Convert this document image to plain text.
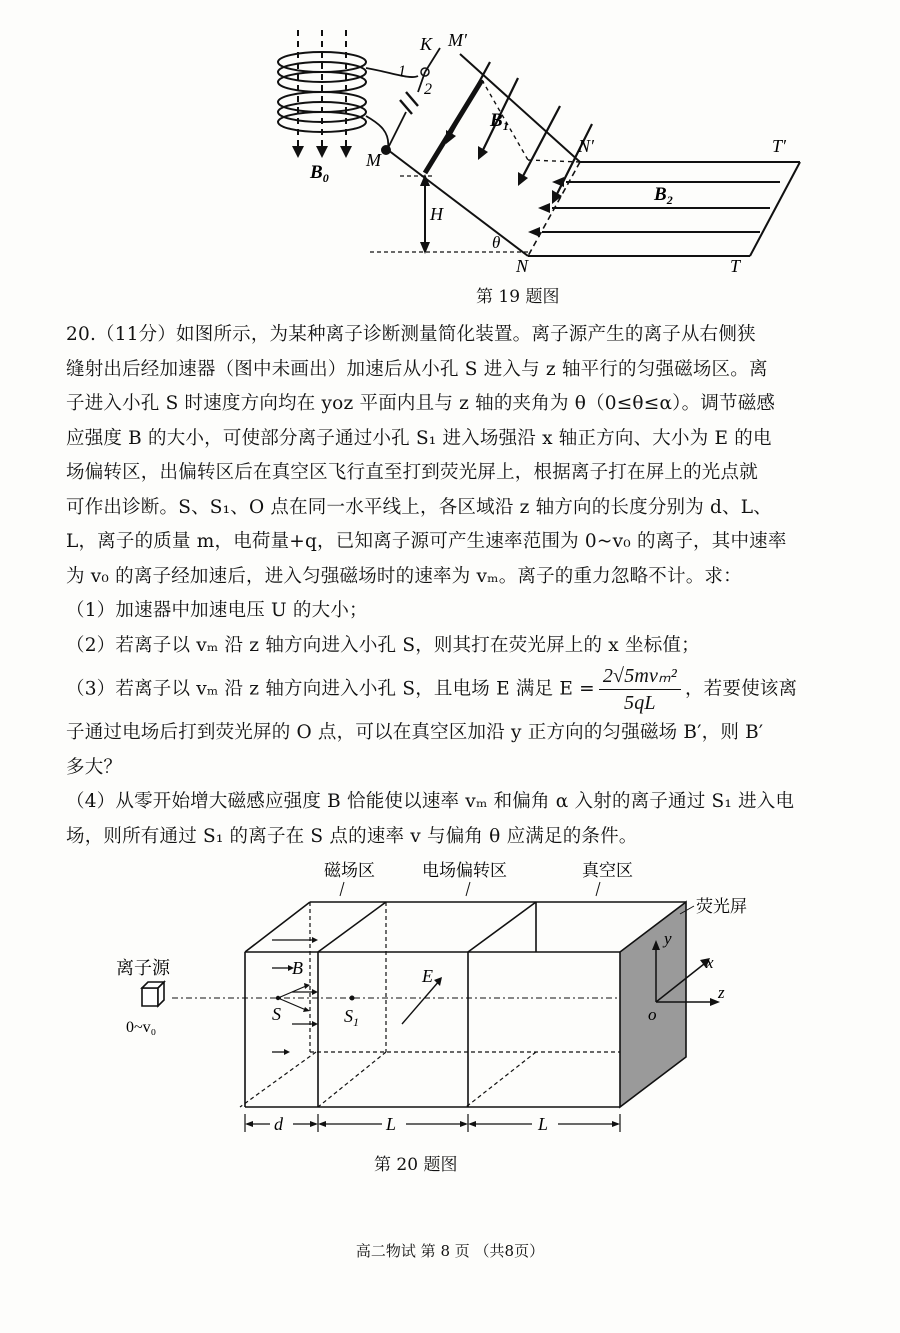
$B_0$
K M′
1
2
M
$B_1$
N′
H
θ
N
$B_2$
T′
T
第 19 题图

20.（11分）如图所示，为某种离子诊断测量简化装置。离子源产生的离子从右侧狭

缝射出后经加速器（图中未画出）加速后从小孔 S 进入与 z 轴平行的匀强磁场区。离

子进入小孔 S 时速度方向均在 yoz 平面内且与 z 轴的夹角为 θ（0≤θ≤α）。调节磁感

应强度 B 的大小，可使部分离子通过小孔 S₁ 进入场强沿 x 轴正方向、大小为 E 的电

场偏转区，出偏转区后在真空区飞行直至打到荧光屏上，根据离子打在屏上的光点就

可作出诊断。S、S₁、O 点在同一水平线上，各区域沿 z 轴方向的长度分别为 d、L、

L，离子的质量 m，电荷量+q，已知离子源可产生速率范围为 0~v₀ 的离子，其中速率

为 v₀ 的离子经加速后，进入匀强磁场时的速率为 vₘ。离子的重力忽略不计。求：

（1）加速器中加速电压 U 的大小；

（2）若离子以 vₘ 沿 z 轴方向进入小孔 S，则其打在荧光屏上的 x 坐标值；

（3）若离子以 vₘ 沿 z 轴方向进入小孔 S，且电场 E 满足 $E = \frac{\text{2√5mvₘ²}}{5qL}$ ，若要使该离

子通过电场后打到荧光屏的 O 点，可以在真空区加沿 y 正方向的匀强磁场 B′，则 B′

多大？

（4）从零开始增大磁感应强度 B 恰能使以速率 vₘ 和偏角 α 入射的离子通过 S₁ 进入电

场，则所有通过 S₁ 的离子在 S 点的速率 v 与偏角 θ 应满足的条件。

磁场区	电场偏转区	真空区
荧光屏
离子源
0~v₀
B
S	$S_1$
E
y
x
z
o
d	L	L
第 20 题图
高二物试 第 8 页 （共8页）
